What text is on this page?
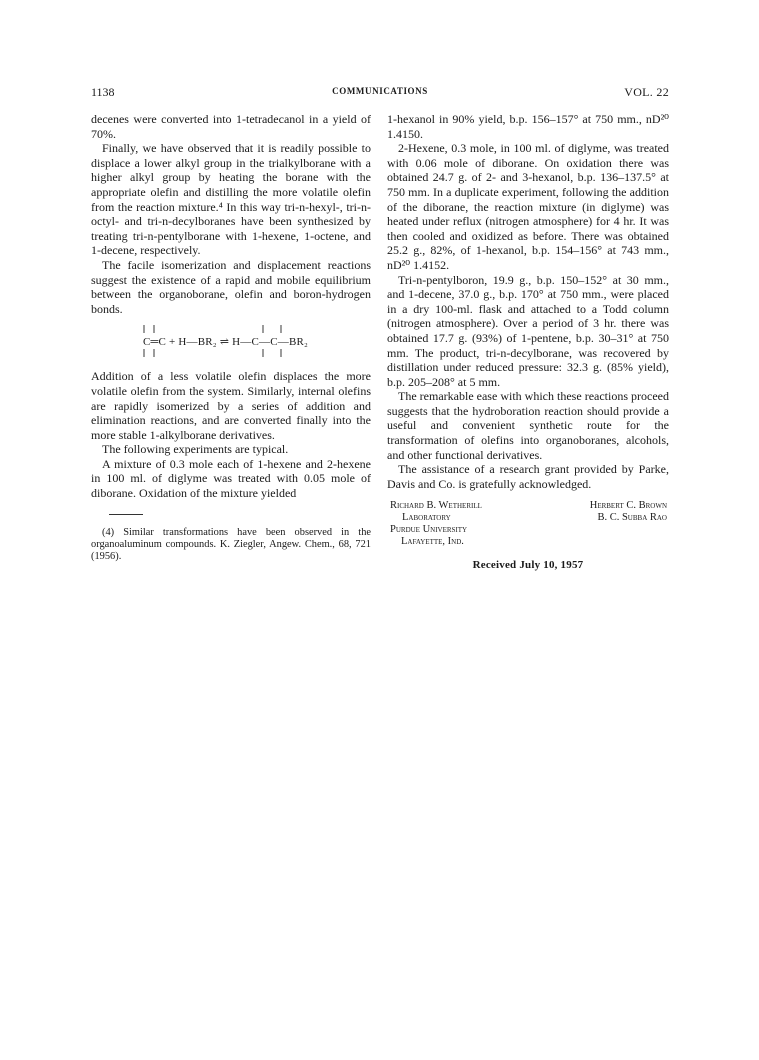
1138	COMMUNICATIONS	VOL. 22

decenes were converted into 1-tetradecanol in a yield of 70%.

Finally, we have observed that it is readily possible to displace a lower alkyl group in the trialkylborane with a higher alkyl group by heating the borane with the appropriate olefin and distilling the more volatile olefin from the reaction mixture.⁴ In this way tri-n-hexyl-, tri-n-octyl- and tri-n-decylboranes have been synthesized by treating tri-n-pentylborane with 1-hexene, 1-octene, and 1-decene, respectively.

The facile isomerization and displacement reactions suggest the existence of a rapid and mobile equilibrium between the organoborane, olefin and boron-hydrogen bonds.

C═C + H—BR₂ ⇌ H—C—C—BR₂

Addition of a less volatile olefin displaces the more volatile olefin from the system. Similarly, internal olefins are rapidly isomerized by a series of addition and elimination reactions, and are converted finally into the more stable 1-alkylborane derivatives.

The following experiments are typical.

A mixture of 0.3 mole each of 1-hexene and 2-hexene in 100 ml. of diglyme was treated with 0.05 mole of diborane. Oxidation of the mixture yielded

(4) Similar transformations have been observed in the organoaluminum compounds. K. Ziegler, Angew. Chem., 68, 721 (1956).

1-hexanol in 90% yield, b.p. 156–157° at 750 mm., nD²⁰ 1.4150.

2-Hexene, 0.3 mole, in 100 ml. of diglyme, was treated with 0.06 mole of diborane. On oxidation there was obtained 24.7 g. of 2- and 3-hexanol, b.p. 136–137.5° at 750 mm. In a duplicate experiment, following the addition of the diborane, the reaction mixture (in diglyme) was heated under reflux (nitrogen atmosphere) for 4 hr. It was then cooled and oxidized as before. There was obtained 25.2 g., 82%, of 1-hexanol, b.p. 154–156° at 743 mm., nD²⁰ 1.4152.

Tri-n-pentylboron, 19.9 g., b.p. 150–152° at 30 mm., and 1-decene, 37.0 g., b.p. 170° at 750 mm., were placed in a dry 100-ml. flask and attached to a Todd column (nitrogen atmosphere). Over a period of 3 hr. there was obtained 17.7 g. (93%) of 1-pentene, b.p. 30–31° at 750 mm. The product, tri-n-decylborane, was recovered by distillation under reduced pressure: 32.3 g. (85% yield), b.p. 205–208° at 5 mm.

The remarkable ease with which these reactions proceed suggests that the hydroboration reaction should provide a useful and convenient synthetic route for the transformation of olefins into organoboranes, alcohols, and other functional derivatives.

The assistance of a research grant provided by Parke, Davis and Co. is gratefully acknowledged.

Richard B. Wetherill
Laboratory
Purdue University
Lafayette, Ind.
Herbert C. Brown
B. C. Subba Rao
Received July 10, 1957
